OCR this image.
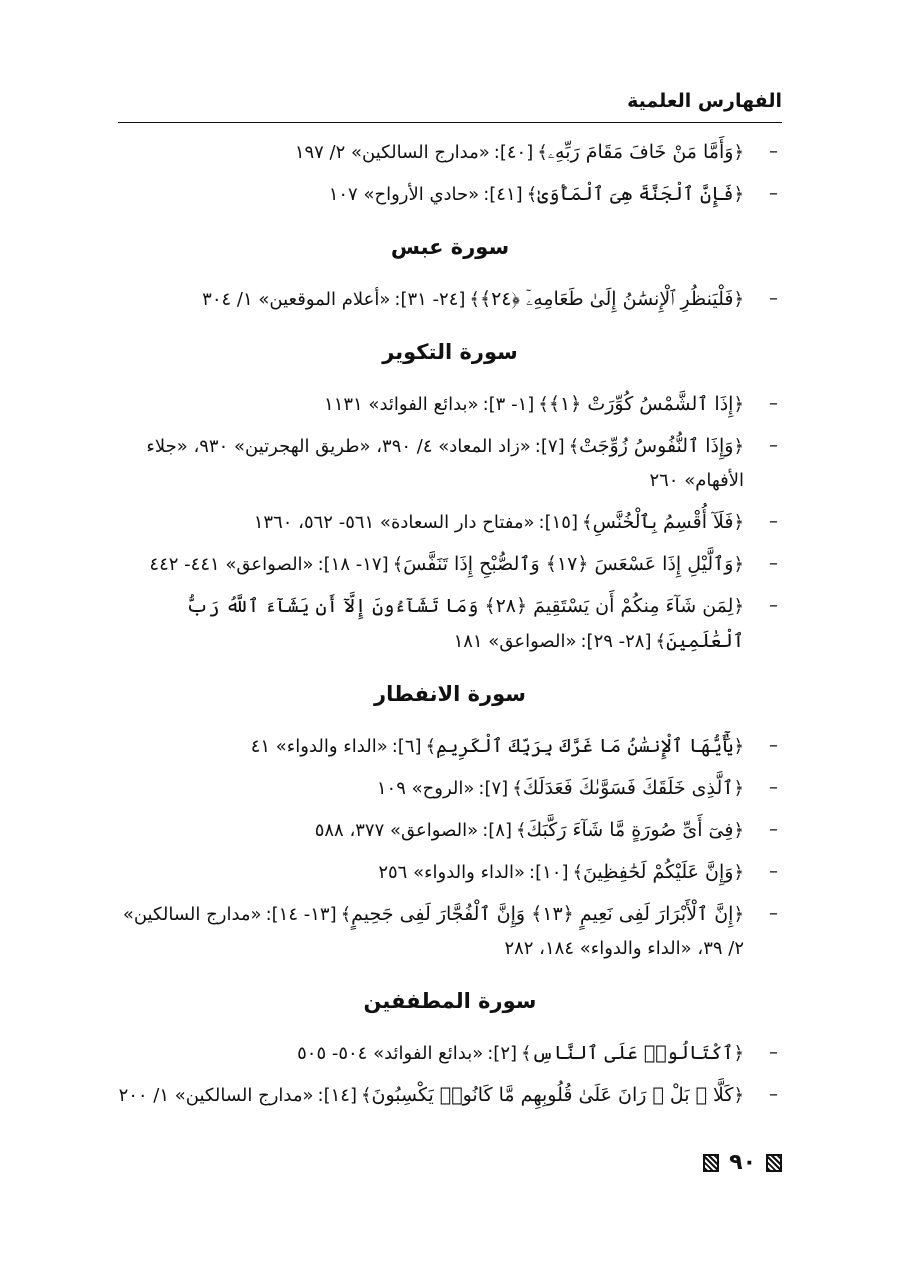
الفهارس العلمية
–
﴿وَأَمَّا مَنْ خَافَ مَقَامَ رَبِّهِۦ﴾[٤٠]:«مدارج السالكين» ٢/ ١٩٧
–
﴿فَإِنَّ ٱلْجَنَّةَ هِىَ ٱلْمَأْوَىٰ﴾[٤١]:«حادي الأرواح» ١٠٧
سورة عبس
–
﴿فَلْيَنظُرِ ٱلْإِنسَٰنُ إِلَىٰ طَعَامِهِۦٓ ﴿٢٤﴾﴾[٢٤- ٣١]:«أعلام الموقعين» ١/ ٣٠٤
سورة التكوير
–
﴿إِذَا ٱلشَّمْسُ كُوِّرَتْ ﴿١﴾﴾[١- ٣]:«بدائع الفوائد» ١١٣١
–
﴿وَإِذَا ٱلنُّفُوسُ زُوِّجَتْ﴾[٧]:«زاد المعاد» ٤/ ٣٩٠، «طريق الهجرتين» ٩٣٠، «جلاء الأفهام» ٢٦٠
–
﴿فَلَآ أُقْسِمُ بِٱلْخُنَّسِ﴾[١٥]:«مفتاح دار السعادة» ٥٦١- ٥٦٢، ١٣٦٠
–
﴿وَٱلَّيْلِ إِذَا عَسْعَسَ ﴿١٧﴾ وَٱلصُّبْحِ إِذَا تَنَفَّسَ﴾[١٧- ١٨]:«الصواعق» ٤٤١- ٤٤٢
–
﴿لِمَن شَآءَ مِنكُمْ أَن يَسْتَقِيمَ ﴿٢٨﴾ وَمَا تَشَآءُونَ إِلَّآ أَن يَشَآءَ ٱللَّهُ رَبُّ ٱلْعَٰلَمِينَ﴾[٢٨- ٢٩]:«الصواعق» ١٨١
سورة الانفطار
–
﴿يَٰٓأَيُّهَا ٱلْإِنسَٰنُ مَا غَرَّكَ بِرَبِّكَ ٱلْكَرِيمِ﴾[٦]:«الداء والدواء» ٤١
–
﴿ٱلَّذِى خَلَقَكَ فَسَوَّىٰكَ فَعَدَلَكَ﴾[٧]:«الروح» ١٠٩
–
﴿فِىٓ أَىِّ صُورَةٍ مَّا شَآءَ رَكَّبَكَ﴾[٨]:«الصواعق» ٣٧٧، ٥٨٨
–
﴿وَإِنَّ عَلَيْكُمْ لَحَٰفِظِينَ﴾[١٠]:«الداء والدواء» ٢٥٦
–
﴿إِنَّ ٱلْأَبْرَارَ لَفِى نَعِيمٍ ﴿١٣﴾ وَإِنَّ ٱلْفُجَّارَ لَفِى جَحِيمٍ﴾[١٣- ١٤]:«مدارج السالكين» ٢/ ٣٩، «الداء والدواء» ١٨٤، ٢٨٢
سورة المطففين
–
﴿ٱكْتَالُوا۟ عَلَى ٱلنَّاسِ﴾[٢]:«بدائع الفوائد» ٥٠٤- ٥٠٥
–
﴿كَلَّا ۖ بَلْ ۜ رَانَ عَلَىٰ قُلُوبِهِم مَّا كَانُوا۟ يَكْسِبُونَ﴾[١٤]:«مدارج السالكين» ١/ ٢٠٠
٩٠
